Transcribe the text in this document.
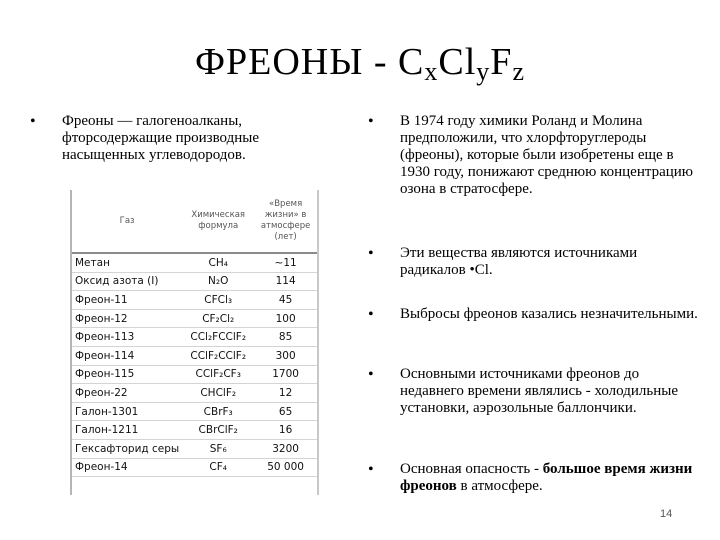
ФРЕОНЫ - $C_xCl_yF_z$
•	Фреоны — галогеноалканы, фторсодержащие производные насыщенных углеводородов.
Газ	Химическая формула	«Время жизни» в атмосфере (лет)
Метан	CH₄	~11
Оксид азота (I)	N₂O	114
Фреон-11	CFCl₃	45
Фреон-12	CF₂Cl₂	100
Фреон-113	CCl₂FCClF₂	85
Фреон-114	CClF₂CClF₂	300
Фреон-115	CClF₂CF₃	1700
Фреон-22	CHClF₂	12
Галон-1301	CBrF₃	65
Галон-1211	CBrClF₂	16
Гексафторид серы	SF₆	3200
Фреон-14	CF₄	50 000
•	В 1974 году химики Роланд и Молина предположили, что хлорфторуглероды (фреоны), которые были изобретены еще в 1930 году, понижают среднюю концентрацию озона в стратосфере.
•	Эти вещества являются источниками радикалов •Cl.
•	Выбросы фреонов казались незначительными.
•	Основными источниками фреонов до недавнего времени являлись - холодильные установки, аэрозольные баллончики.
•	Основная опасность - большое время жизни фреонов в атмосфере.
14
